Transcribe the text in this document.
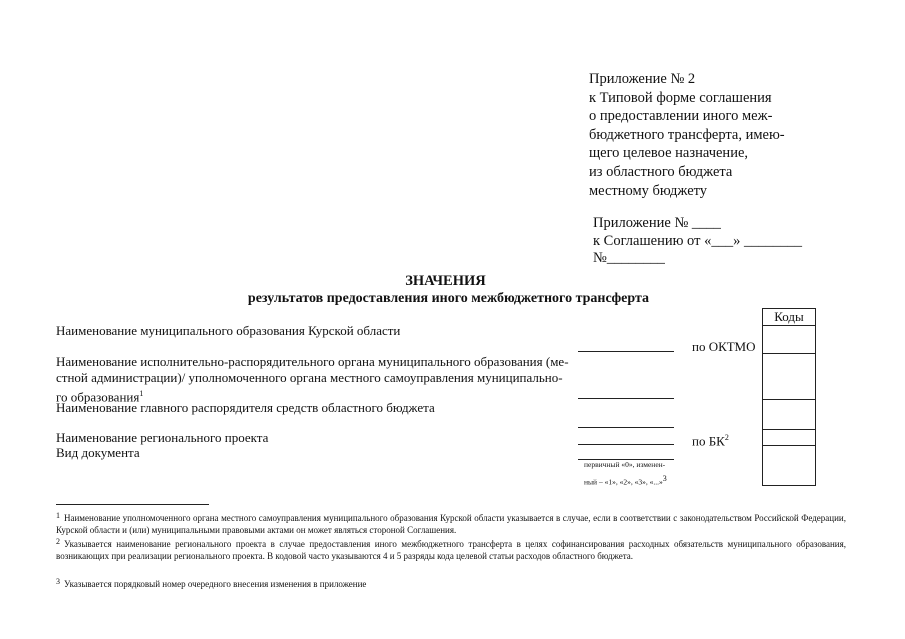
Приложение № 2
к Типовой форме соглашения
о предоставлении иного меж-
бюджетного трансферта, имею-
щего целевое назначение,
из областного бюджета
местному бюджету
Приложение № ____
к Соглашению от «___» ________
№________
ЗНАЧЕНИЯ
результатов предоставления иного межбюджетного трансферта
Наименование муниципального образования Курской области
Наименование исполнительно-распорядительного органа муниципального образования (ме-
стной администрации)/ уполномоченного органа местного самоуправления муниципально-
го образования$^1$
Наименование главного распорядителя средств областного бюджета
Наименование регионального проекта
Вид документа
по ОКТМО
по $БК^2$
первичный «0», изменен-
ный – «1», «2», «3», «...»$^3$
Коды
$^1$ Наименование уполномоченного органа местного самоуправления муниципального образования Курской области указывается в случае, если в соответствии с законодательством Российской Федерации, Курской области и (или) муниципальными правовыми актами он может являться стороной Соглашения.
$^2$ Указывается наименование регионального проекта в случае предоставления иного межбюджетного трансферта в целях софинансирования расходных обязательств муниципального образования, возникающих при реализации регионального проекта. В кодовой часто указываются 4 и 5 разряды кода целевой статьи расходов областного бюджета.
$^3$ Указывается порядковый номер очередного внесения изменения в приложение
